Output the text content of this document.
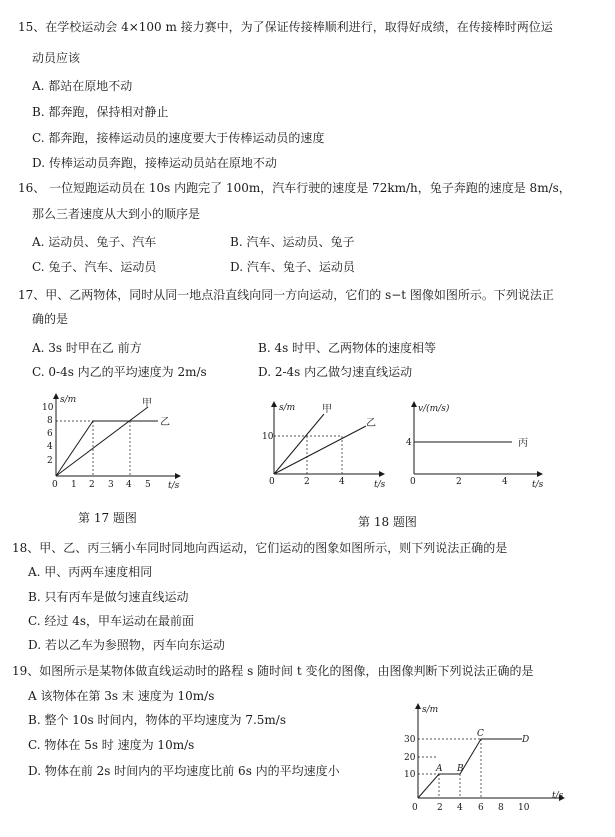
15、在学校运动会 4×100 m 接力赛中，为了保证传接棒顺利进行，取得好成绩，在传接棒时两位运
动员应该
A. 都站在原地不动
B. 都奔跑，保持相对静止
C. 都奔跑，接棒运动员的速度要大于传棒运动员的速度
D. 传棒运动员奔跑，接棒运动员站在原地不动
16、 一位短跑运动员在 10s 内跑完了 100m，汽车行驶的速度是 72km/h，兔子奔跑的速度是 8m/s，
那么三者速度从大到小的顺序是
A. 运动员、兔子、汽车	B. 汽车、运动员、兔子
C. 兔子、汽车、运动员	D. 汽车、兔子、运动员
17、甲、乙两物体，同时从同一地点沿直线向同一方向运动，它们的 s−t 图像如图所示。下列说法正
确的是
A. 3s 时甲在乙 前方	B. 4s 时甲、乙两物体的速度相等
C. 0-4s 内乙的平均速度为 2m/s	D. 2-4s 内乙做匀速直线运动
s/m
t/s
0 1 2 3 4 5
2
4
6
8
10	甲
乙
第 17 题图
s/m
t/s
0	2	4
10
甲
乙
v/(m/s)
t/s
0	2	4
4	丙
第 18 题图
18、甲、乙、丙三辆小车同时同地向西运动，它们运动的图象如图所示，则下列说法正确的是
A. 甲、丙两车速度相同
B. 只有丙车是做匀速直线运动
C. 经过 4s，甲车运动在最前面
D. 若以乙车为参照物，丙车向东运动
19、如图所示是某物体做直线运动时的路程 s 随时间 t 变化的图像，由图像判断下列说法正确的是
A 该物体在第 3s 末 速度为 10m/s
B. 整个 10s 时间内，物体的平均速度为 7.5m/s
C. 物体在 5s 时 速度为 10m/s
D. 物体在前 2s 时间内的平均速度比前 6s 内的平均速度小
s/m
t/s
0 2 4 6 8 10
10
20
30
A B
C
D
